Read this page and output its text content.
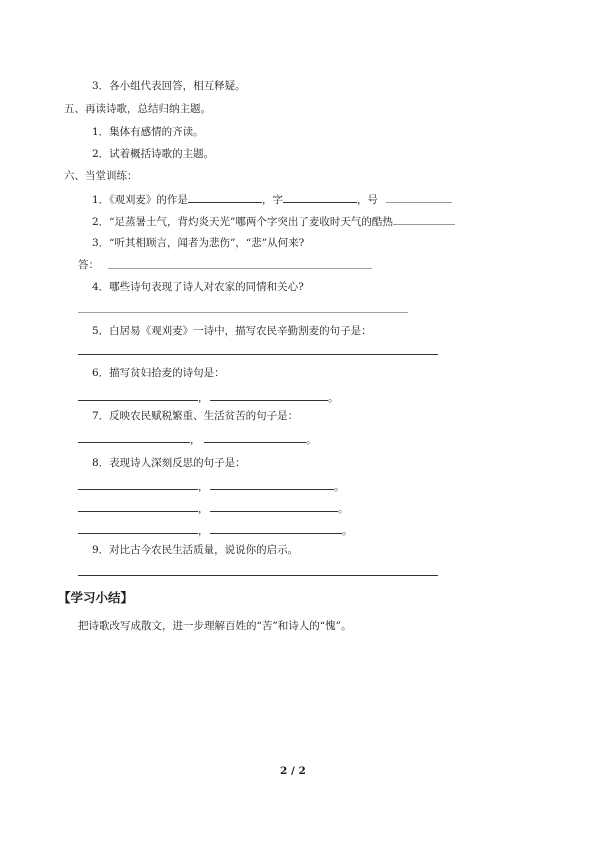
3．各小组代表回答，相互释疑。
五、再读诗歌，总结归纳主题。
1．集体有感情的齐读。
2．试着概括诗歌的主题。
六、当堂训练：
1．《观刈麦》的作是	，字	，号
2．“足蒸暑土气，背灼炎天光”哪两个字突出了麦收时天气的酷热
3．“听其相顾言，闻者为悲伤”，“悲”从何来?
答：
4．哪些诗句表现了诗人对农家的同情和关心?
5．白居易《观刈麦》一诗中，描写农民辛勤割麦的句子是：
6．描写贫妇拾麦的诗句是：
，	。
7．反映农民赋税繁重、生活贫苦的句子是：
，	。
8．表现诗人深刻反思的句子是：
，	。
，	。
，	。
9．对比古今农民生活质量，说说你的启示。
【学习小结】
把诗歌改写成散文，进一步理解百姓的“苦”和诗人的“愧”。
2 / 2
